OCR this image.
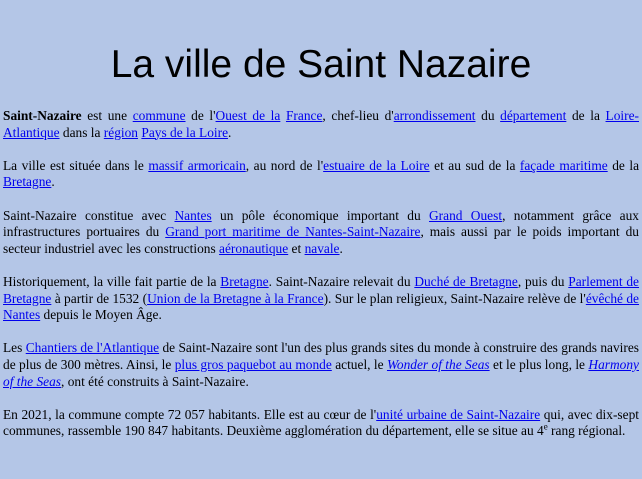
La ville de Saint Nazaire

Saint-Nazaire est une commune de l'Ouest de la France, chef-lieu d'arrondissement du département de la Loire-Atlantique dans la région Pays de la Loire.

La ville est située dans le massif armoricain, au nord de l'estuaire de la Loire et au sud de la façade maritime de la Bretagne.

Saint-Nazaire constitue avec Nantes un pôle économique important du Grand Ouest, notamment grâce aux infrastructures portuaires du Grand port maritime de Nantes-Saint-Nazaire, mais aussi par le poids important du secteur industriel avec les constructions aéronautique et navale.

Historiquement, la ville fait partie de la Bretagne. Saint-Nazaire relevait du Duché de Bretagne, puis du Parlement de Bretagne à partir de 1532 (Union de la Bretagne à la France). Sur le plan religieux, Saint-Nazaire relève de l'évêché de Nantes depuis le Moyen Âge.

Les Chantiers de l'Atlantique de Saint-Nazaire sont l'un des plus grands sites du monde à construire des grands navires de plus de 300 mètres. Ainsi, le plus gros paquebot au monde actuel, le Wonder of the Seas et le plus long, le Harmony of the Seas, ont été construits à Saint-Nazaire.

En 2021, la commune compte 72 057 habitants. Elle est au cœur de l'unité urbaine de Saint-Nazaire qui, avec dix-sept communes, rassemble 190 847 habitants. Deuxième agglomération du département, elle se situe au 4e rang régional.
